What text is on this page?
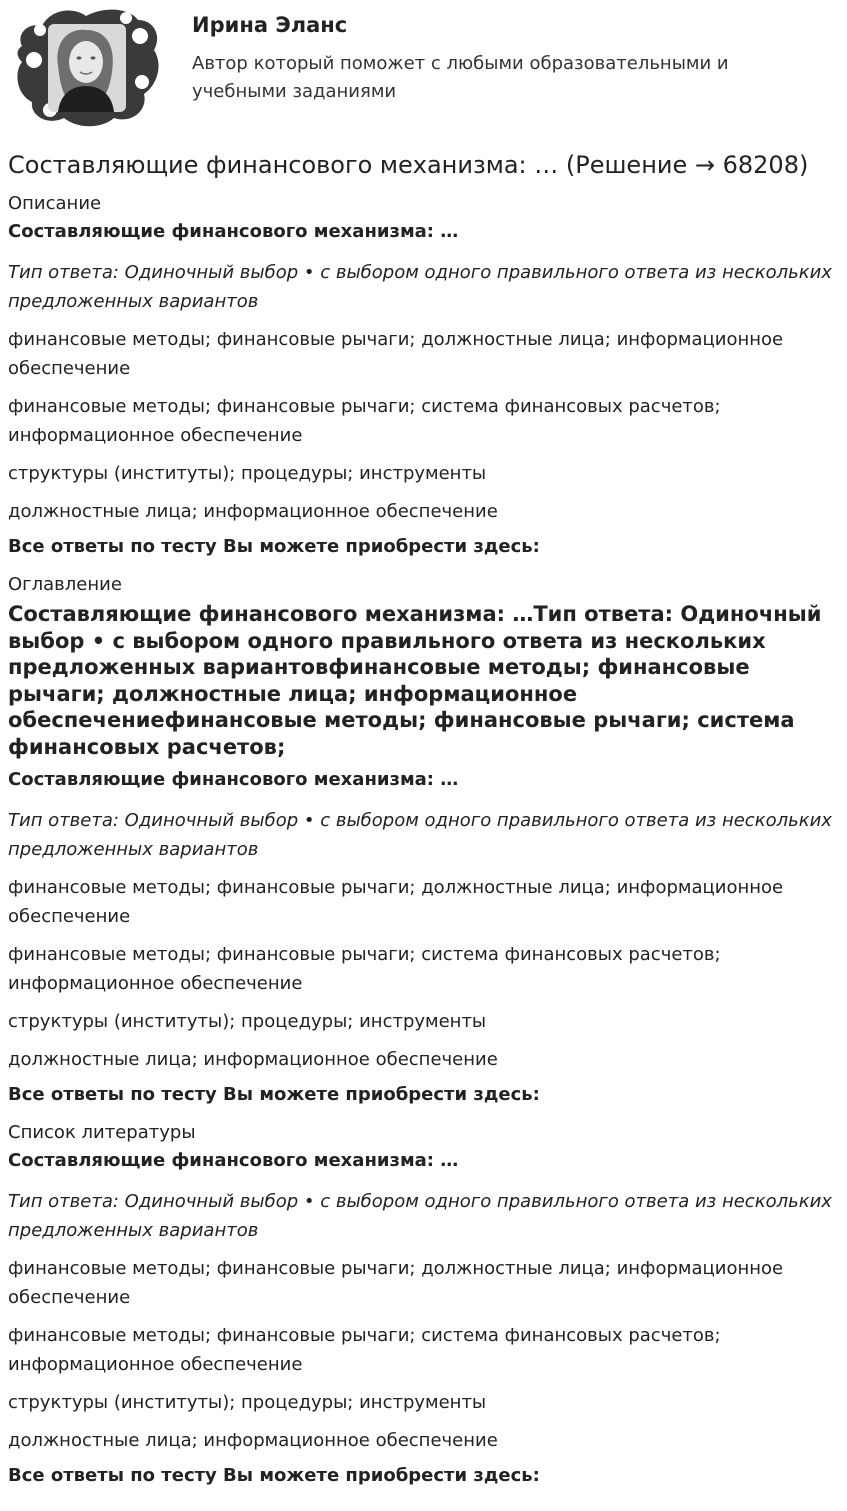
Ирина Эланс

Автор который поможет с любыми образовательными и учебными заданиями

Составляющие финансового механизма: … (Решение → 68208)
Описание
Составляющие финансового механизма: …
Тип ответа: Одиночный выбор • с выбором одного правильного ответа из нескольких предложенных вариантов
финансовые методы; финансовые рычаги; должностные лица; информационное обеспечение
финансовые методы; финансовые рычаги; система финансовых расчетов; информационное обеспечение
структуры (институты); процедуры; инструменты
должностные лица; информационное обеспечение
Все ответы по тесту Вы можете приобрести здесь:
Оглавление
Составляющие финансового механизма: …Тип ответа: Одиночный выбор • с выбором одного правильного ответа из нескольких предложенных вариантовфинансовые методы; финансовые рычаги; должностные лица; информационное обеспечениефинансовые методы; финансовые рычаги; система финансовых расчетов;
Составляющие финансового механизма: …
Тип ответа: Одиночный выбор • с выбором одного правильного ответа из нескольких предложенных вариантов
финансовые методы; финансовые рычаги; должностные лица; информационное обеспечение
финансовые методы; финансовые рычаги; система финансовых расчетов; информационное обеспечение
структуры (институты); процедуры; инструменты
должностные лица; информационное обеспечение
Все ответы по тесту Вы можете приобрести здесь:
Список литературы
Составляющие финансового механизма: …
Тип ответа: Одиночный выбор • с выбором одного правильного ответа из нескольких предложенных вариантов
финансовые методы; финансовые рычаги; должностные лица; информационное обеспечение
финансовые методы; финансовые рычаги; система финансовых расчетов; информационное обеспечение
структуры (институты); процедуры; инструменты
должностные лица; информационное обеспечение
Все ответы по тесту Вы можете приобрести здесь:
